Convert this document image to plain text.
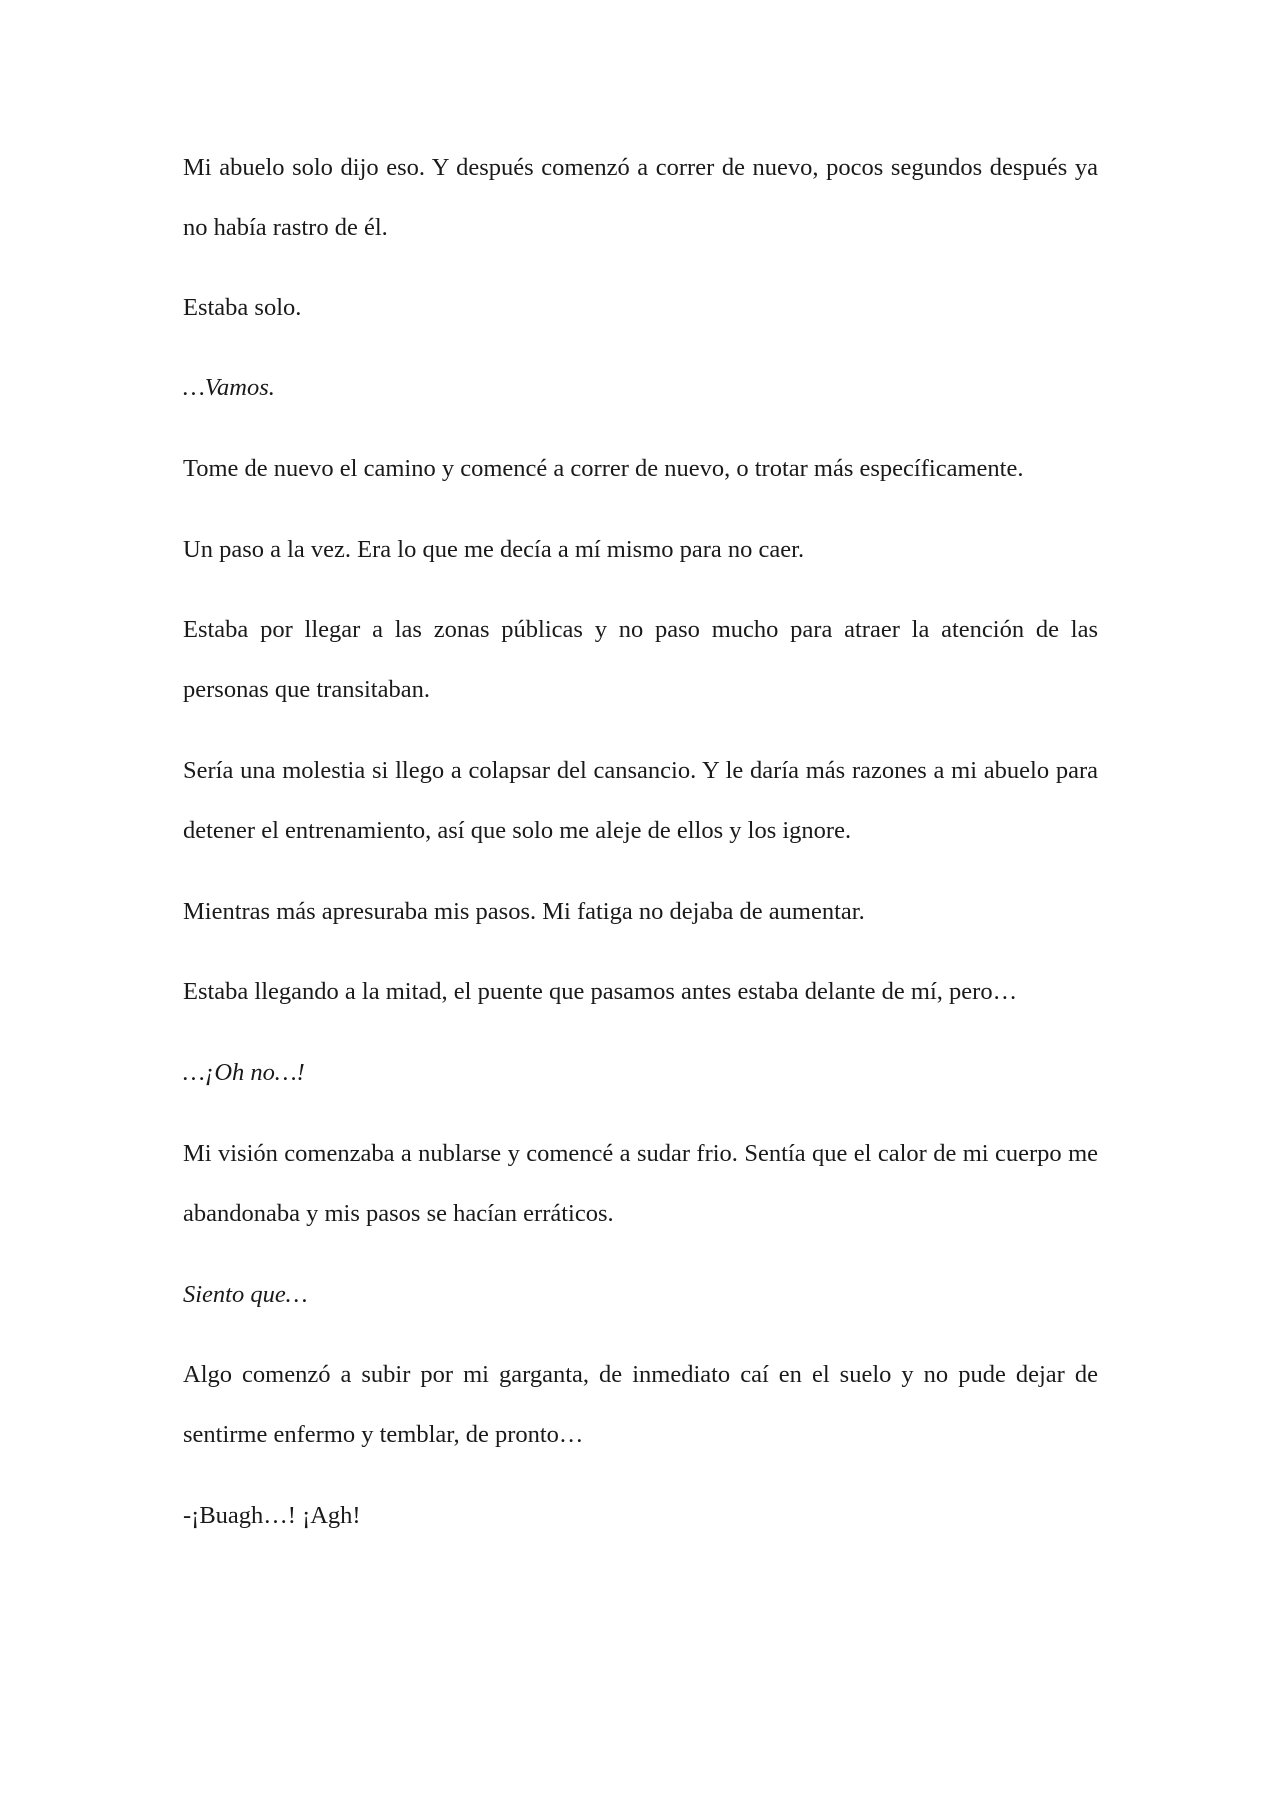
Mi abuelo solo dijo eso. Y después comenzó a correr de nuevo, pocos segundos después ya no había rastro de él.

Estaba solo.

…Vamos.

Tome de nuevo el camino y comencé a correr de nuevo, o trotar más específicamente.

Un paso a la vez. Era lo que me decía a mí mismo para no caer.

Estaba por llegar a las zonas públicas y no paso mucho para atraer la atención de las personas que transitaban.

Sería una molestia si llego a colapsar del cansancio. Y le daría más razones a mi abuelo para detener el entrenamiento, así que solo me aleje de ellos y los ignore.

Mientras más apresuraba mis pasos. Mi fatiga no dejaba de aumentar.

Estaba llegando a la mitad, el puente que pasamos antes estaba delante de mí, pero…

…¡Oh no…!

Mi visión comenzaba a nublarse y comencé a sudar frio. Sentía que el calor de mi cuerpo me abandonaba y mis pasos se hacían erráticos.

Siento que…

Algo comenzó a subir por mi garganta, de inmediato caí en el suelo y no pude dejar de sentirme enfermo y temblar, de pronto…

-¡Buagh…! ¡Agh!
